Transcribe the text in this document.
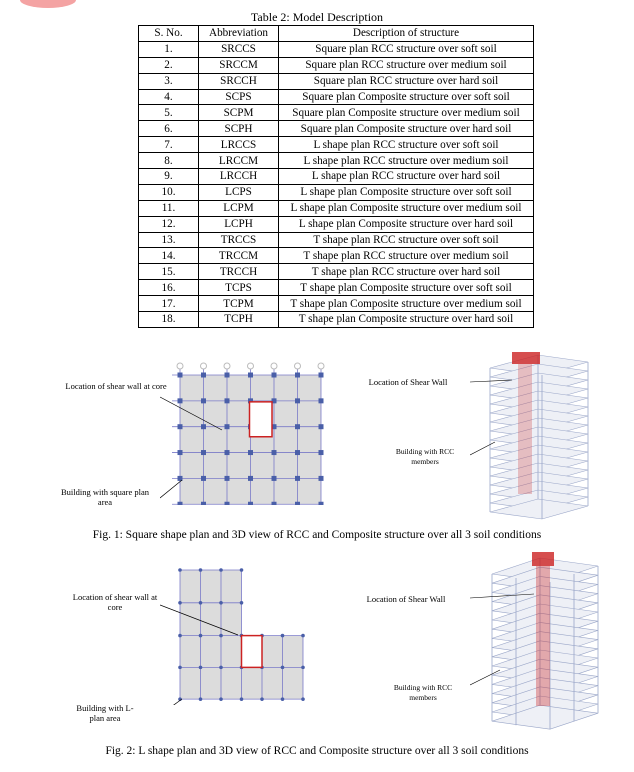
Table 2: Model Description
S. No.	Abbreviation	Description of structure
1.	SRCCS	Square plan RCC structure over soft soil
2.	SRCCM	Square plan RCC structure over medium soil
3.	SRCCH	Square plan RCC structure over hard soil
4.	SCPS	Square plan Composite structure over soft soil
5.	SCPM	Square plan Composite structure over medium soil
6.	SCPH	Square plan Composite structure over hard soil
7.	LRCCS	L shape plan RCC structure over soft soil
8.	LRCCM	L shape plan RCC structure over medium soil
9.	LRCCH	L shape plan RCC structure over hard soil
10.	LCPS	L shape plan Composite structure over soft soil
11.	LCPM	L shape plan Composite structure over medium soil
12.	LCPH	L shape plan Composite structure over hard soil
13.	TRCCS	T shape plan RCC structure over soft soil
14.	TRCCM	T shape plan RCC structure over medium soil
15.	TRCCH	T shape plan RCC structure over hard soil
16.	TCPS	T shape plan Composite structure over soft soil
17.	TCPM	T shape plan Composite structure over medium soil
18.	TCPH	T shape plan Composite structure over hard soil
Location of shear wall at core
Building with square plan area
Location of Shear Wall
Building with RCC members
Fig. 1: Square shape plan and 3D view of RCC and Composite structure over all 3 soil conditions
Location of shear wall at core
Building with L-plan area
Location of Shear Wall
Building with RCC members
Fig. 2: L shape plan and 3D view of RCC and Composite structure over all 3 soil conditions
